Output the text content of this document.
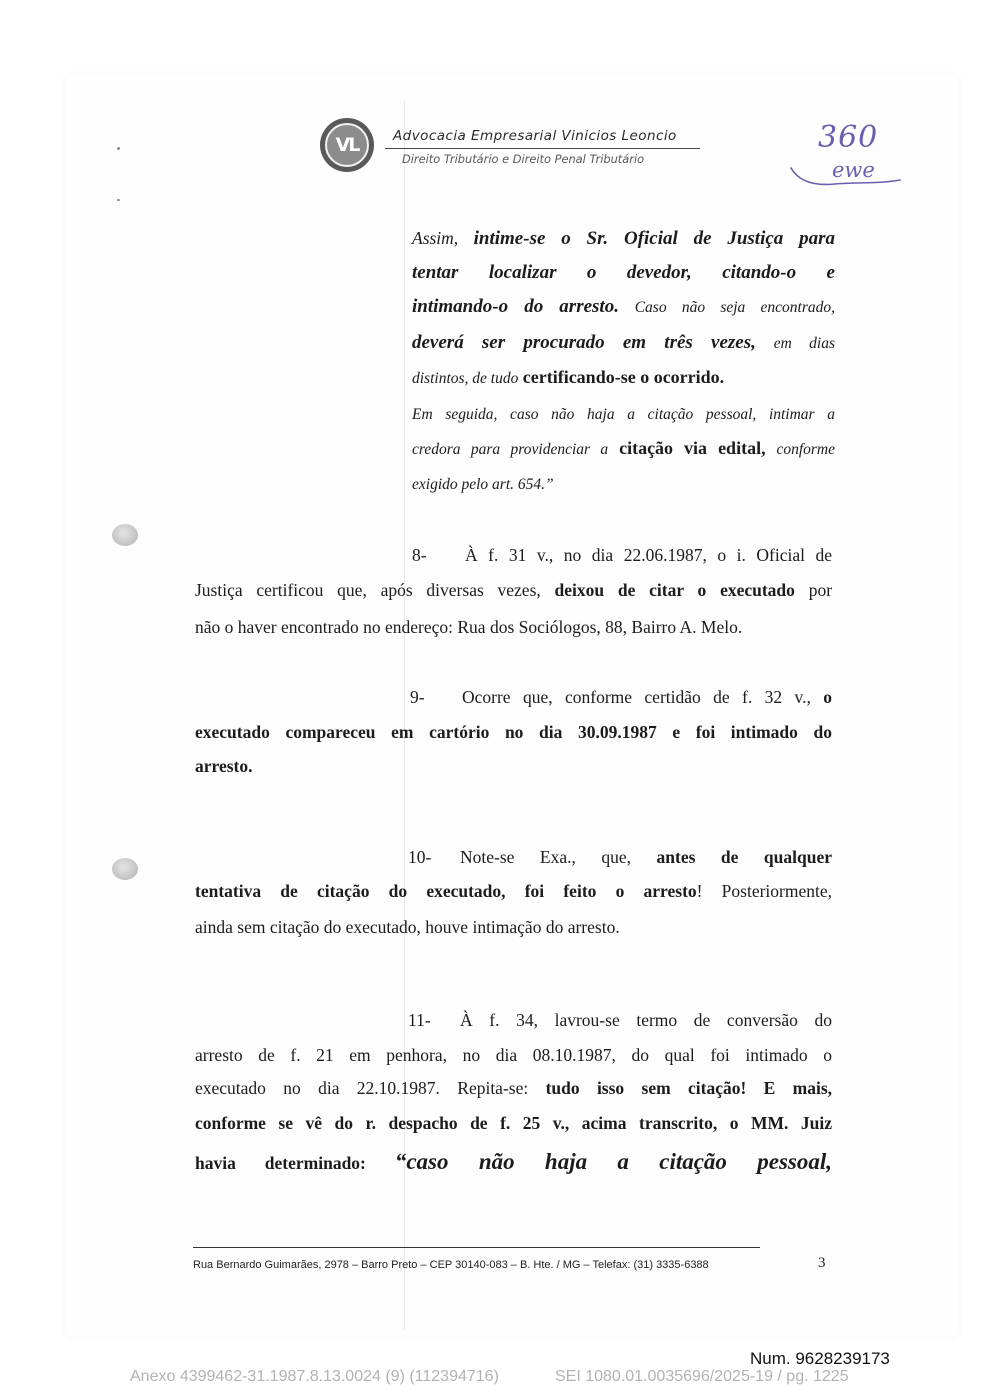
VL	Advocacia Empresarial Vinicios Leoncio
Direito Tributário e Direito Penal Tributário
360
ewe
Assim, intime-se o Sr. Oficial de Justiça para
tentar localizar o devedor, citando-o e
intimando-o do arresto. Caso não seja encontrado,
deverá ser procurado em três vezes, em dias
distintos, de tudo certificando-se o ocorrido.
Em seguida, caso não haja a citação pessoal, intimar a
credora para providenciar a citação via edital, conforme
exigido pelo art. 654.”
8- À f. 31 v., no dia 22.06.1987, o i. Oficial de
Justiça certificou que, após diversas vezes, deixou de citar o executado por
não o haver encontrado no endereço: Rua dos Sociólogos, 88, Bairro A. Melo.
9- Ocorre que, conforme certidão de f. 32 v., o
executado compareceu em cartório no dia 30.09.1987 e foi intimado do
arresto.
10- Note-se Exa., que, antes de qualquer
tentativa de citação do executado, foi feito o arresto! Posteriormente,
ainda sem citação do executado, houve intimação do arresto.
11- À f. 34, lavrou-se termo de conversão do
arresto de f. 21 em penhora, no dia 08.10.1987, do qual foi intimado o
executado no dia 22.10.1987. Repita-se: tudo isso sem citação! E mais,
conforme se vê do r. despacho de f. 25 v., acima transcrito, o MM. Juiz
havia determinado: “caso não haja a citação pessoal,
Rua Bernardo Guimarães, 2978 – Barro Preto – CEP 30140-083 – B. Hte. / MG – Telefax: (31) 3335-6388	3
Num. 9628239173
Anexo 4399462-31.1987.8.13.0024 (9) (112394716)	SEI 1080.01.0035696/2025-19 / pg. 1225
